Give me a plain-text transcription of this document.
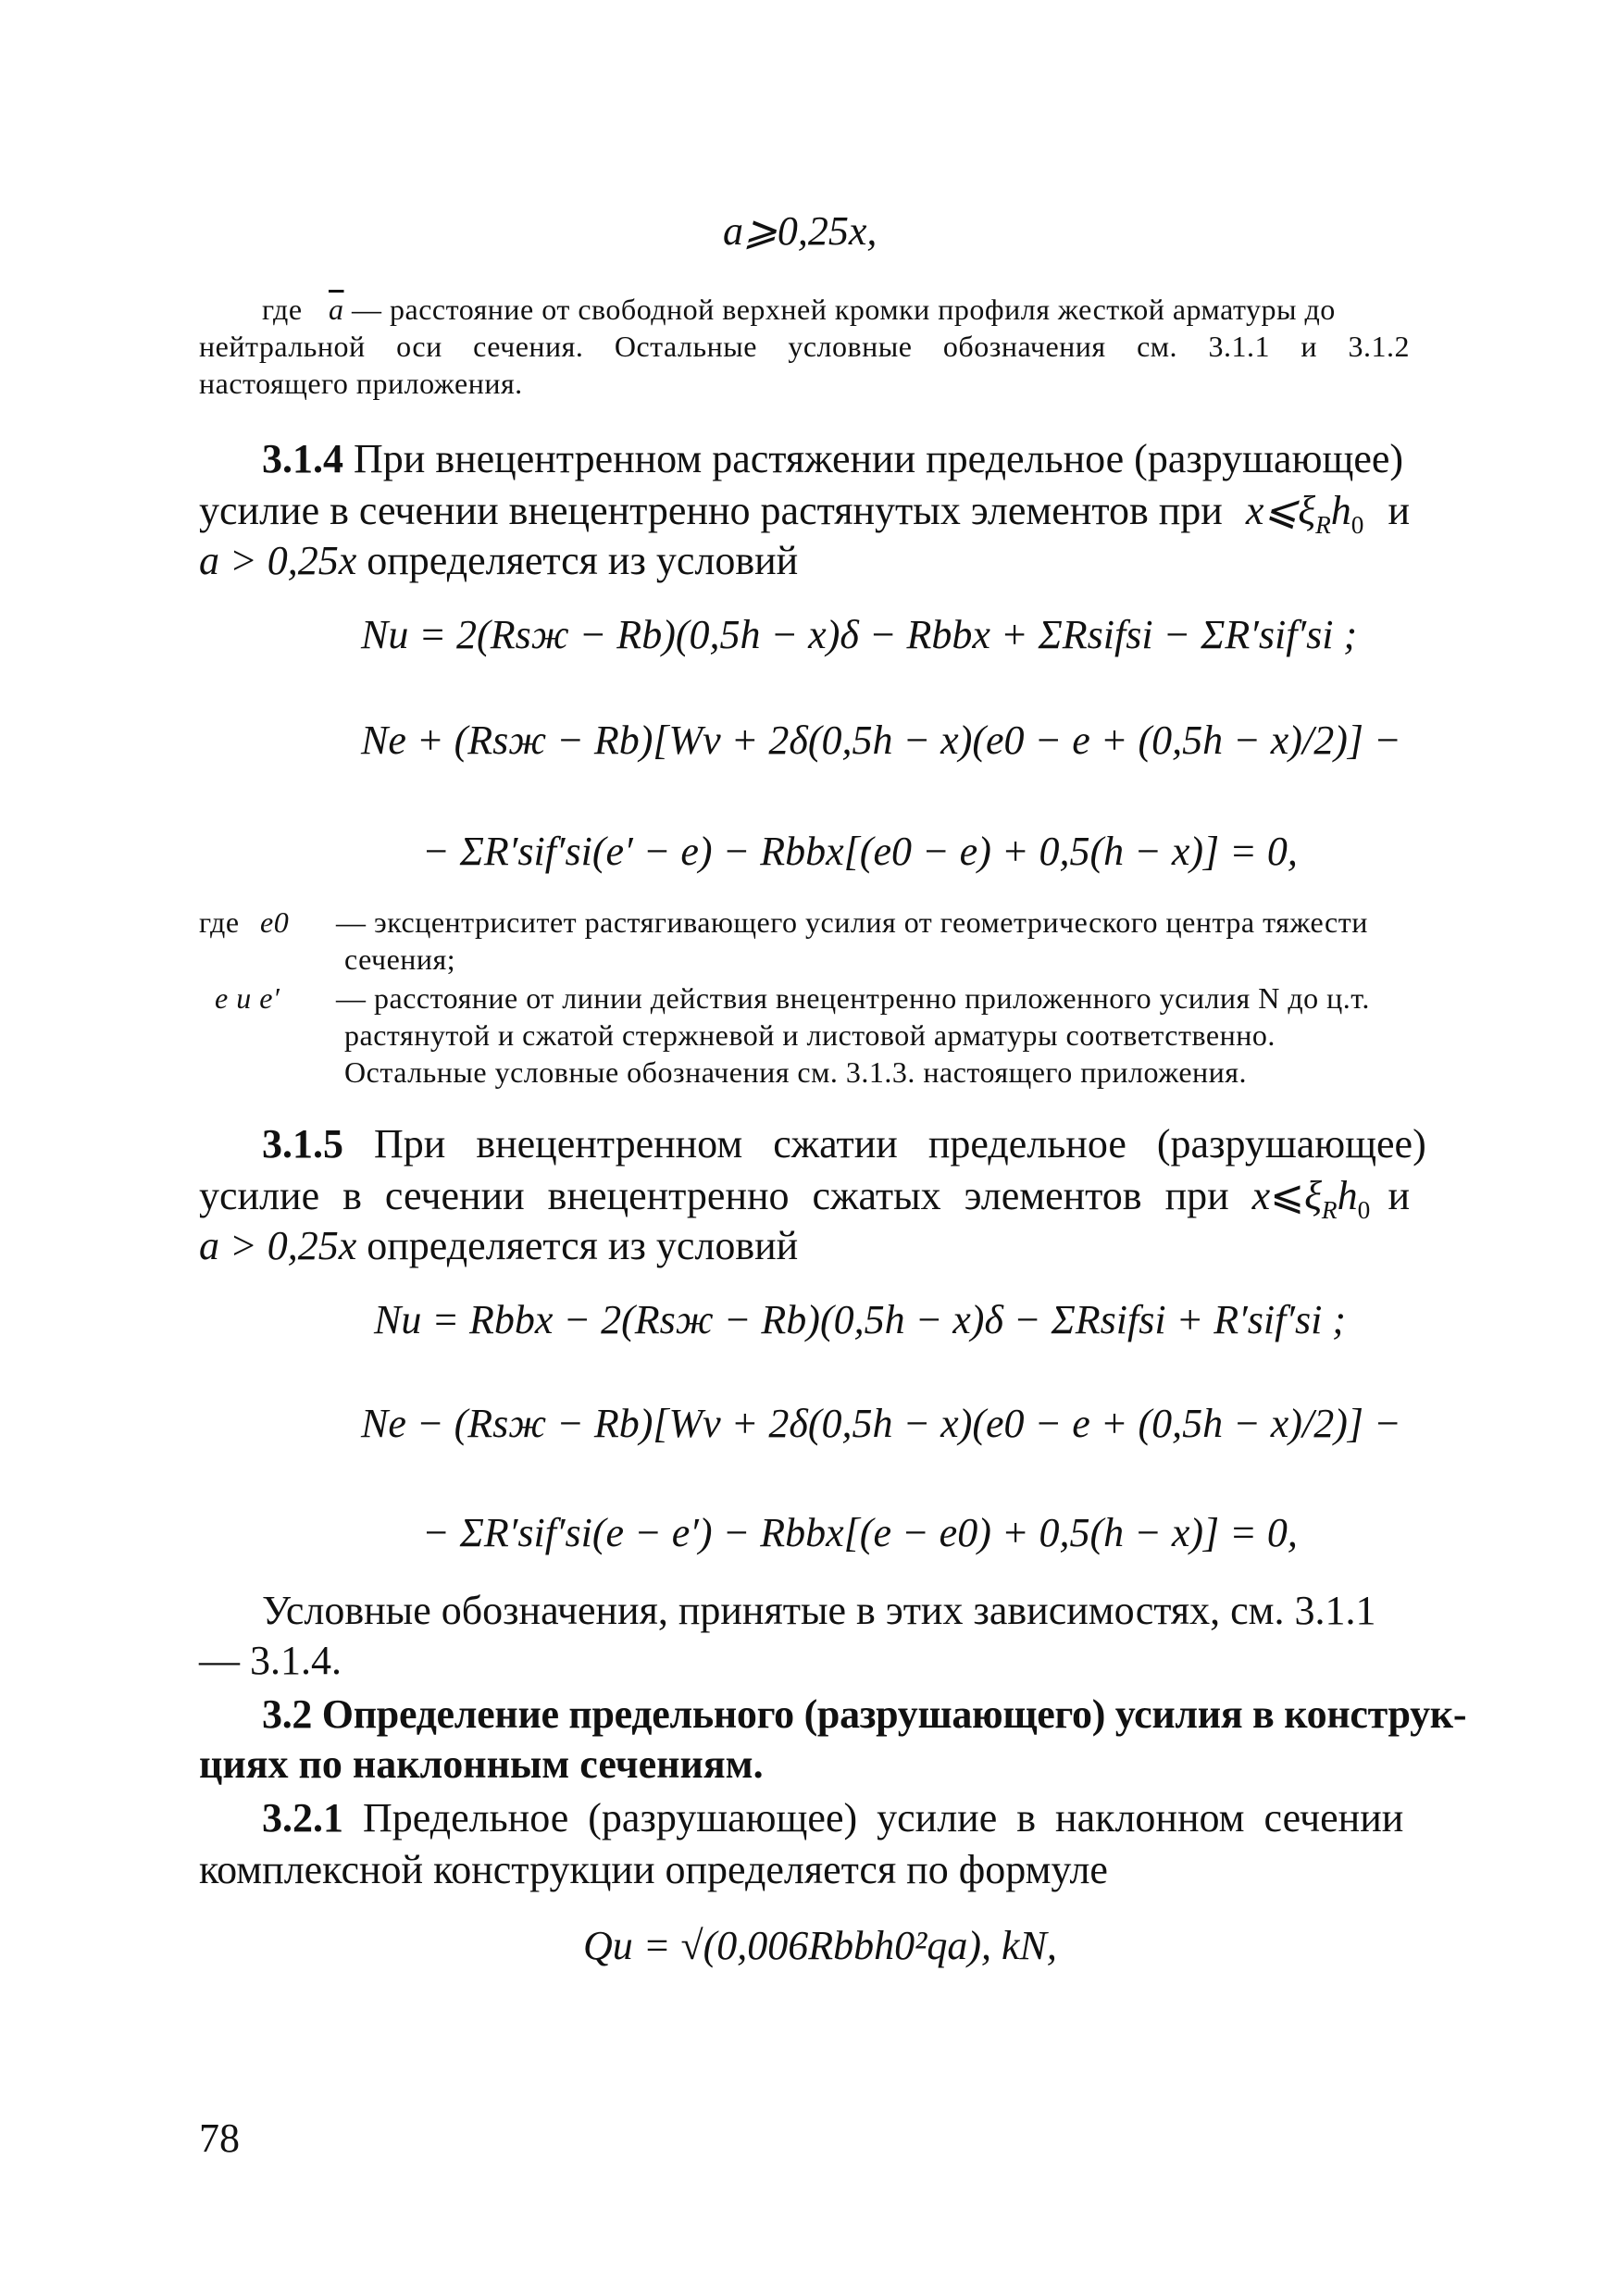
a⩾0,25x,
где $\overline{a}$ — расстояние от свободной верхней кромки профиля жесткой арматуры до
нейтральной оси сечения. Остальные условные обозначения см. 3.1.1 и 3.1.2
настоящего приложения.
3.1.4 При внецентренном растяжении предельное (разрушающее)
усилие в сечении внецентренно растянутых элементов при $x⩽\xi_Rh_0$ и
a > 0,25x определяется из условий
Nu = 2(Rsж − Rb)(0,5h − x)δ − Rbbx + ΣRsifsi − ΣR′sif′si ;
Ne + (Rsж − Rb)[Wv + 2δ(0,5h − x)(e0 − e + (0,5h − x)/2)] −
− ΣR′sif′si(e′ − e) − Rbbx[(e0 − e) + 0,5(h − x)] = 0,
где e0 — эксцентриситет растягивающего усилия от геометрического центра тяжести
сечения;
e и e′ — расстояние от линии действия внецентренно приложенного усилия N до ц.т.
растянутой и сжатой стержневой и листовой арматуры соответственно.
Остальные условные обозначения см. 3.1.3. настоящего приложения.
3.1.5 При внецентренном сжатии предельное (разрушающее)
усилие в сечении внецентренно сжатых элементов при $x⩽\xi_Rh_0$ и
a > 0,25x определяется из условий
Nu = Rbbx − 2(Rsж − Rb)(0,5h − x)δ − ΣRsifsi + R′sif′si ;
Ne − (Rsж − Rb)[Wv + 2δ(0,5h − x)(e0 − e + (0,5h − x)/2)] −
− ΣR′sif′si(e − e′) − Rbbx[(e − e0) + 0,5(h − x)] = 0,
Условные обозначения, принятые в этих зависимостях, см. 3.1.1
— 3.1.4.
3.2 Определение предельного (разрушающего) усилия в конструк-
циях по наклонным сечениям.
3.2.1 Предельное (разрушающее) усилие в наклонном сечении
комплексной конструкции определяется по формуле
Qu = √(0,006Rbbh0²qa), kN,
78
